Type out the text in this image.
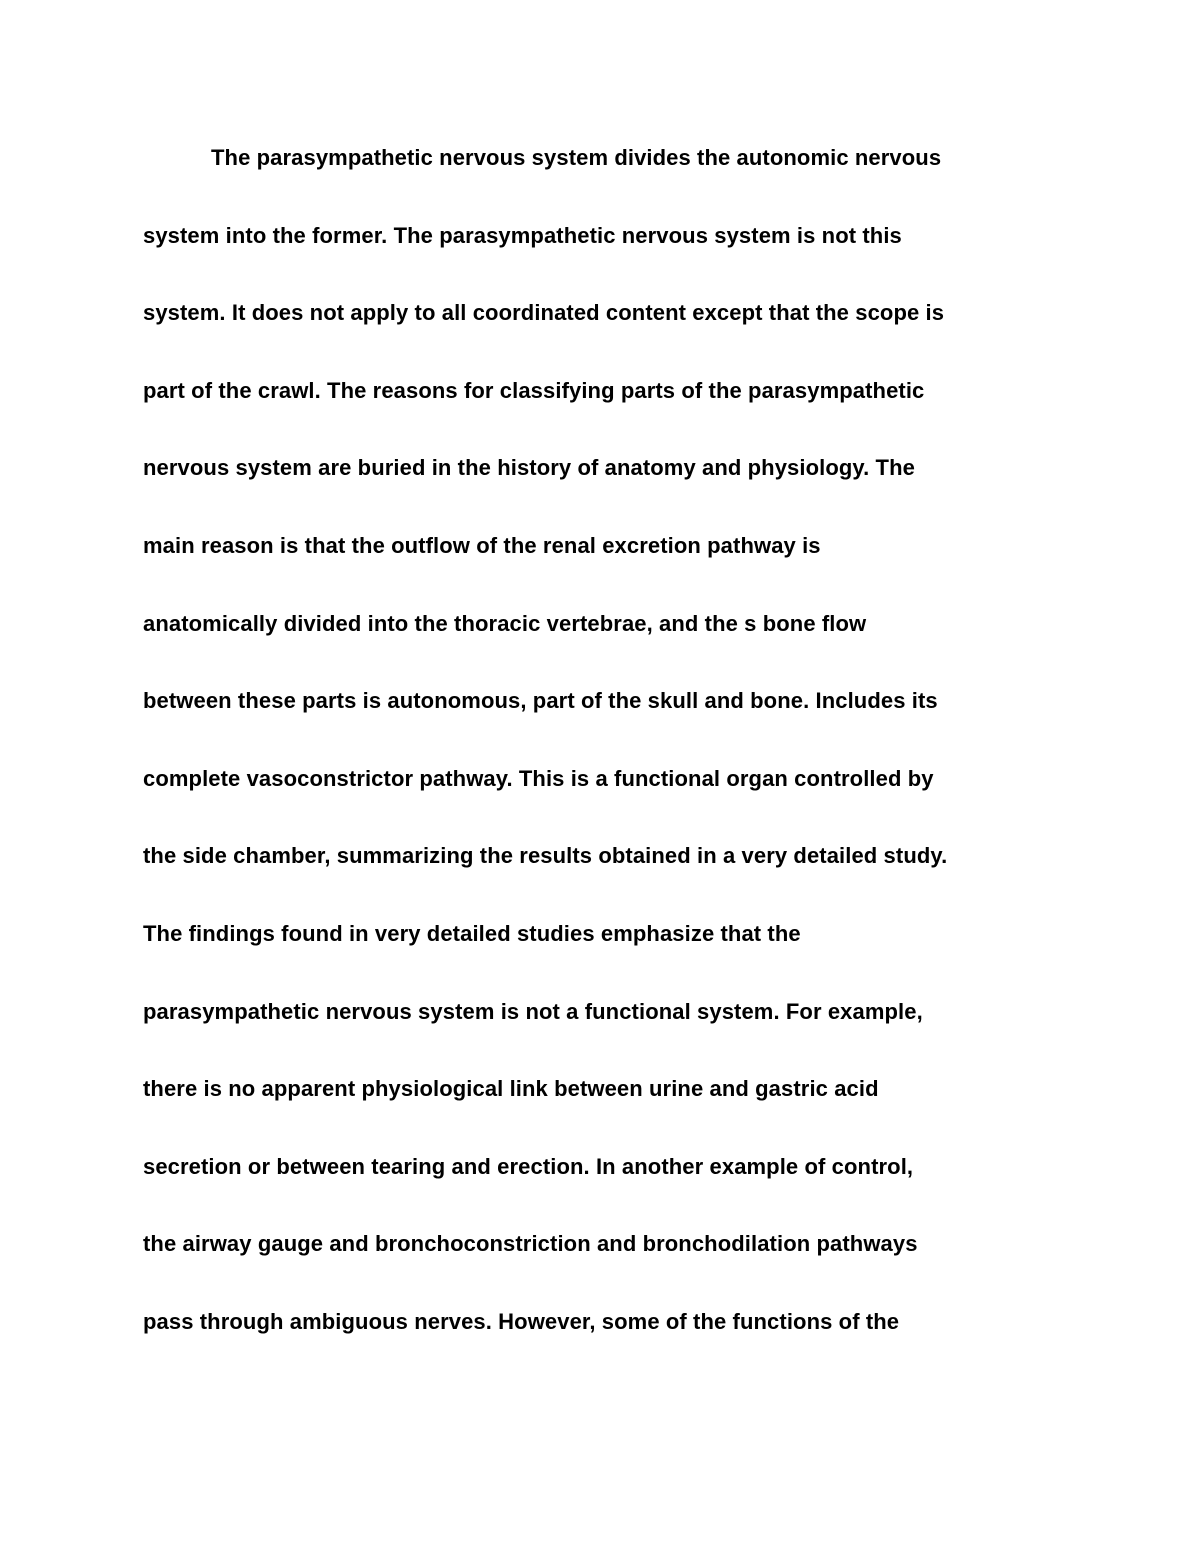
The parasympathetic nervous system divides the autonomic nervous
system into the former. The parasympathetic nervous system is not this
system. It does not apply to all coordinated content except that the scope is
part of the crawl. The reasons for classifying parts of the parasympathetic
nervous system are buried in the history of anatomy and physiology. The
main reason is that the outflow of the renal excretion pathway is
anatomically divided into the thoracic vertebrae, and the s bone flow
between these parts is autonomous, part of the skull and bone. Includes its
complete vasoconstrictor pathway. This is a functional organ controlled by
the side chamber, summarizing the results obtained in a very detailed study.
The findings found in very detailed studies emphasize that the
parasympathetic nervous system is not a functional system. For example,
there is no apparent physiological link between urine and gastric acid
secretion or between tearing and erection. In another example of control,
the airway gauge and bronchoconstriction and bronchodilation pathways
pass through ambiguous nerves. However, some of the functions of the
